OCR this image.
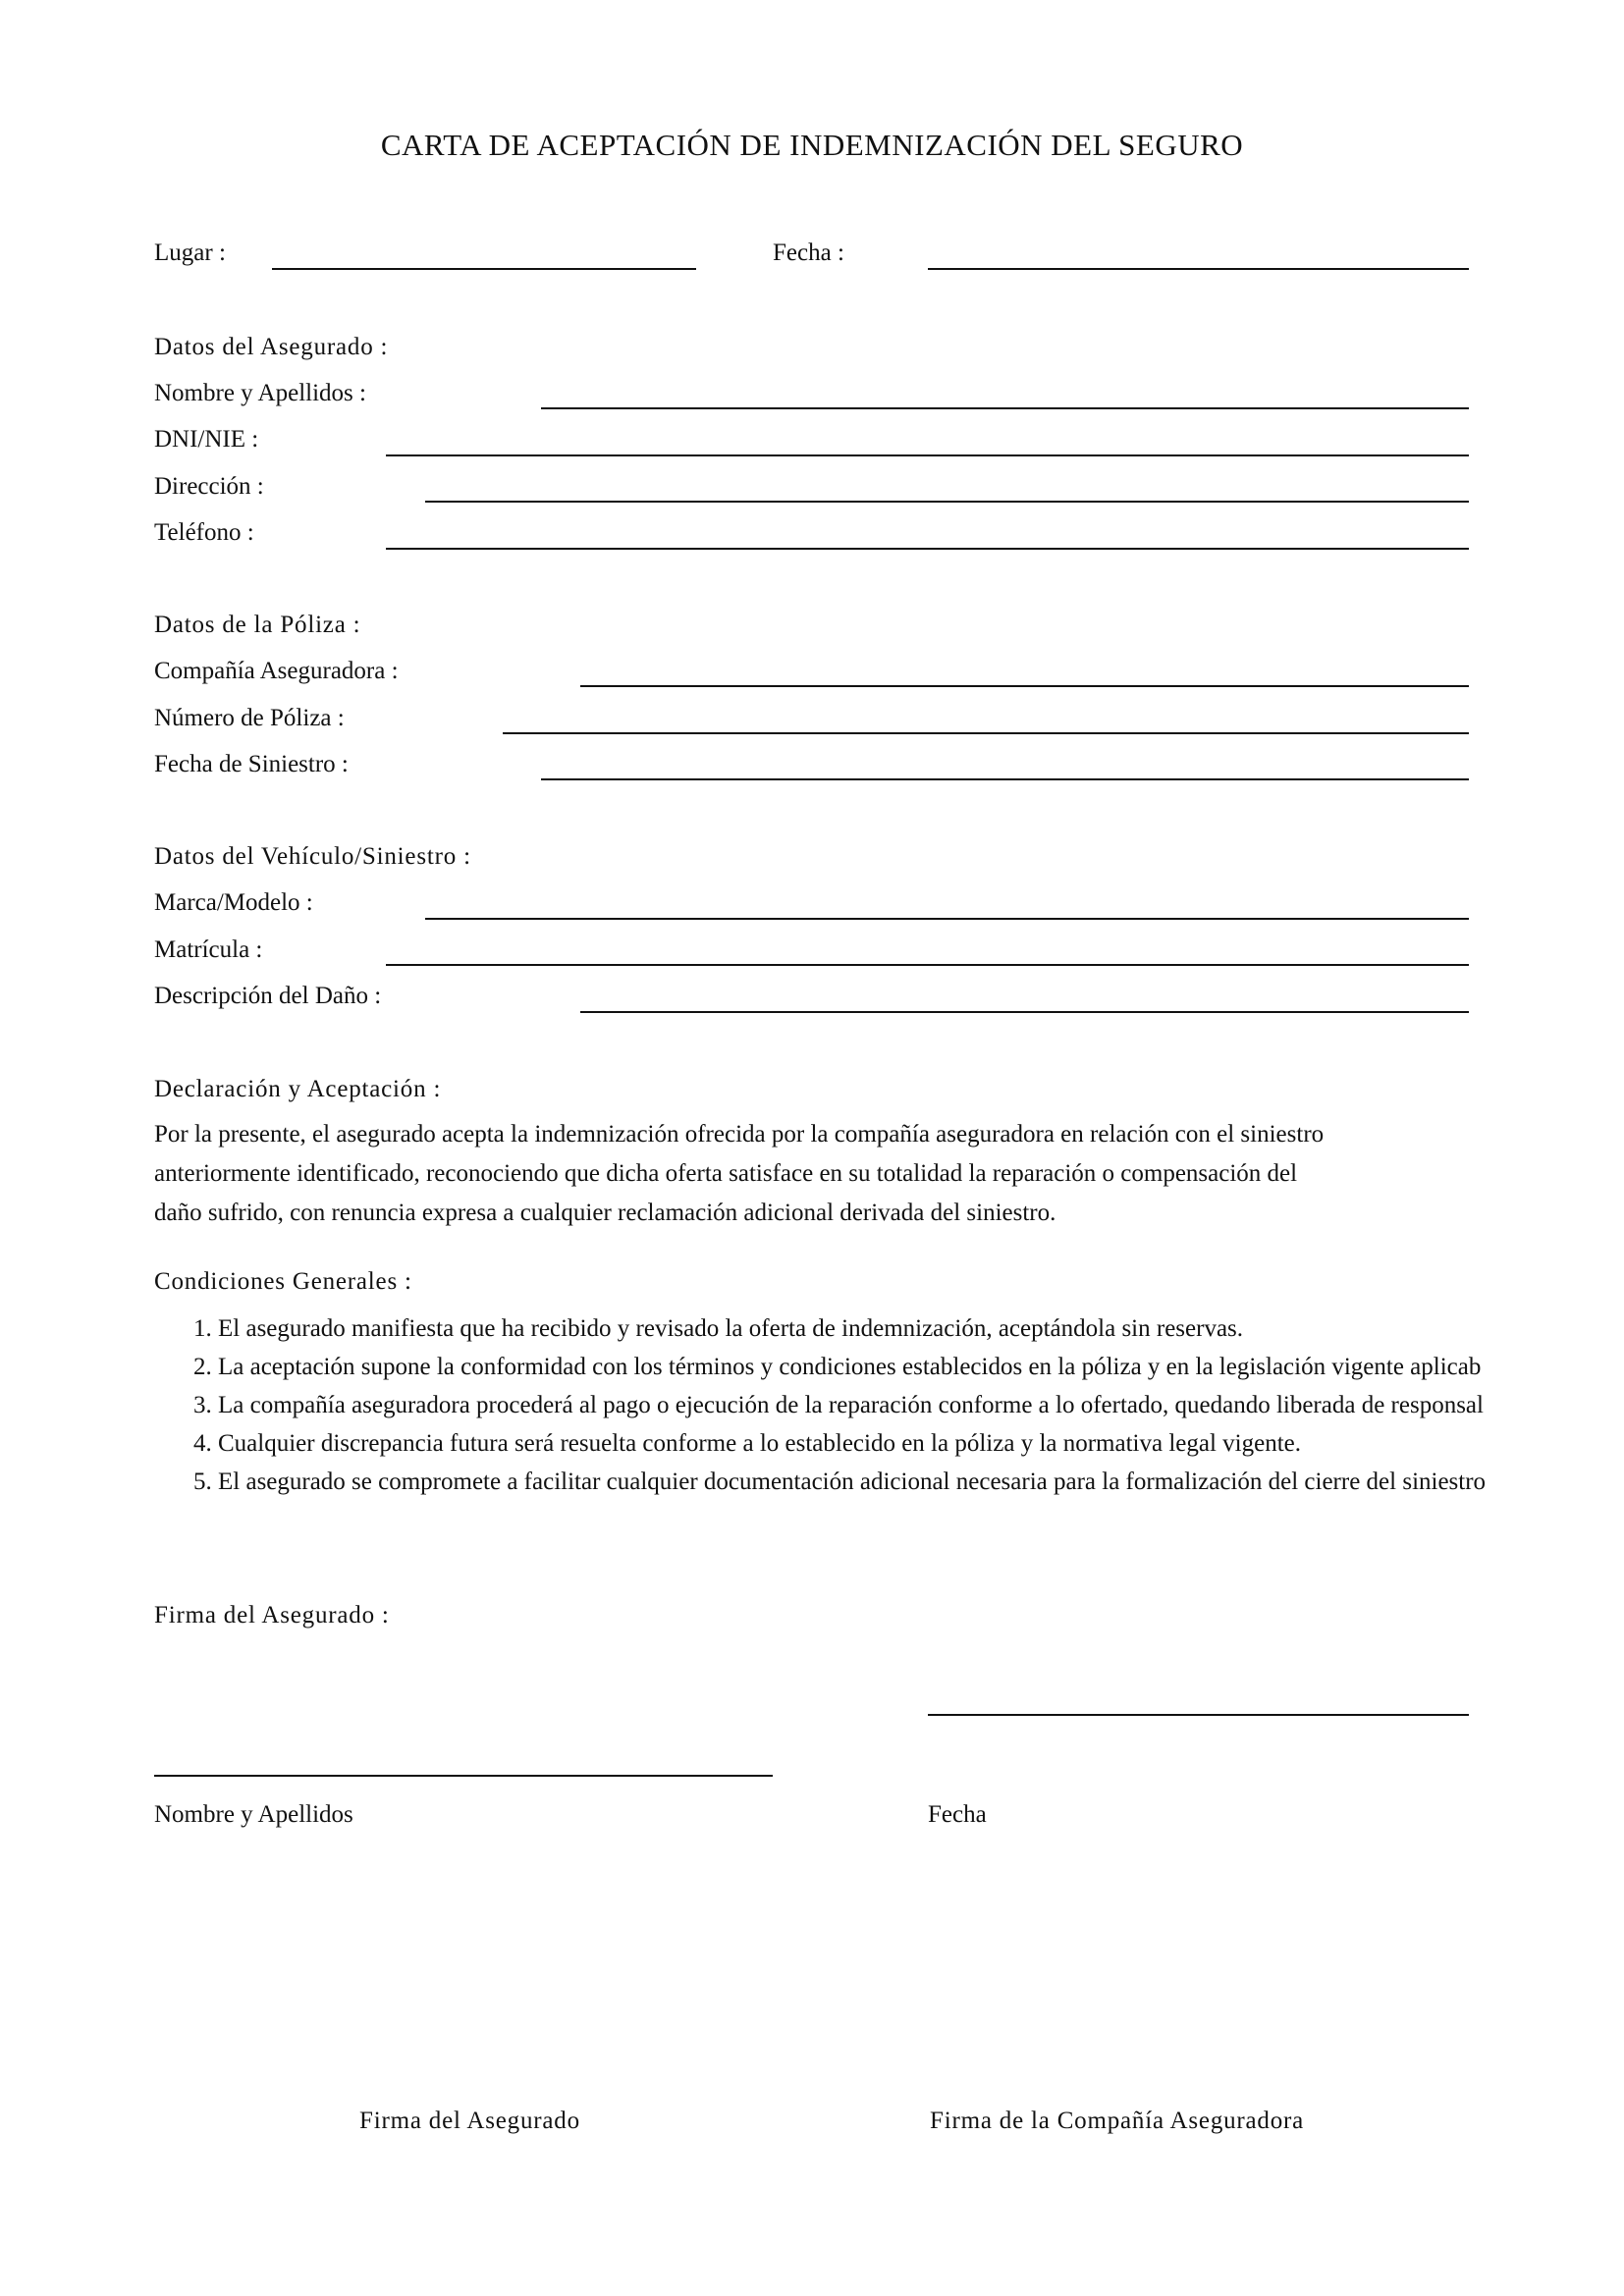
CARTA DE ACEPTACIÓN DE INDEMNIZACIÓN DEL SEGURO
Lugar :	Fecha :
Datos del Asegurado :
Nombre y Apellidos :
DNI/NIE :
Dirección :
Teléfono :
Datos de la Póliza :
Compañía Aseguradora :
Número de Póliza :
Fecha de Siniestro :
Datos del Vehículo/Siniestro :
Marca/Modelo :
Matrícula :
Descripción del Daño :
Declaración y Aceptación :
Por la presente, el asegurado acepta la indemnización ofrecida por la compañía aseguradora en relación con el siniestro
anteriormente identificado, reconociendo que dicha oferta satisface en su totalidad la reparación o compensación del
daño sufrido, con renuncia expresa a cualquier reclamación adicional derivada del siniestro.
Condiciones Generales :
1. El asegurado manifiesta que ha recibido y revisado la oferta de indemnización, aceptándola sin reservas.
2. La aceptación supone la conformidad con los términos y condiciones establecidos en la póliza y en la legislación vigente aplicab
3. La compañía aseguradora procederá al pago o ejecución de la reparación conforme a lo ofertado, quedando liberada de responsal
4. Cualquier discrepancia futura será resuelta conforme a lo establecido en la póliza y la normativa legal vigente.
5. El asegurado se compromete a facilitar cualquier documentación adicional necesaria para la formalización del cierre del siniestro
Firma del Asegurado :
Nombre y Apellidos	Fecha
Firma del Asegurado	Firma de la Compañía Aseguradora
